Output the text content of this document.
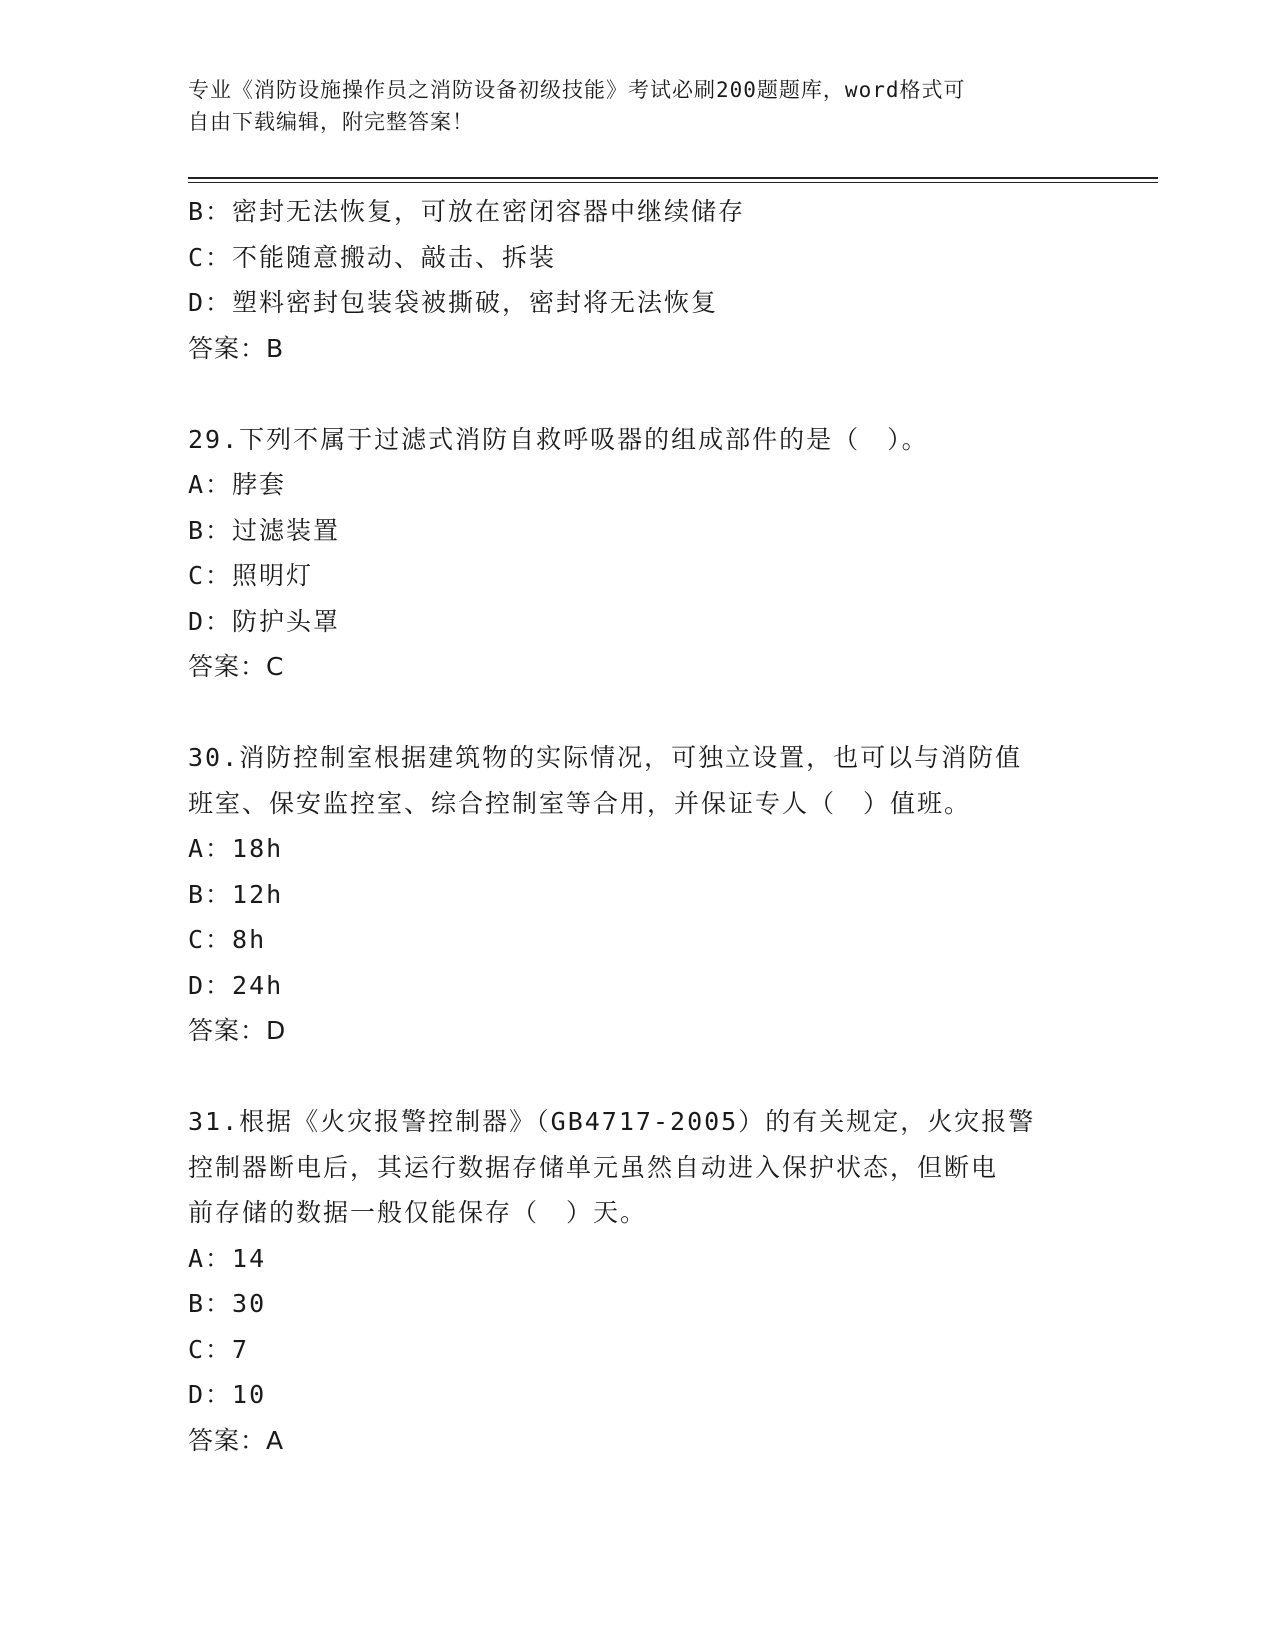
专业《消防设施操作员之消防设备初级技能》考试必刷200题题库，word格式可
自由下载编辑，附完整答案！
B：密封无法恢复，可放在密闭容器中继续储存
C：不能随意搬动、敲击、拆装
D：塑料密封包装袋被撕破，密封将无法恢复
答案：B
29.下列不属于过滤式消防自救呼吸器的组成部件的是（　）。
A：脖套
B：过滤装置
C：照明灯
D：防护头罩
答案：C
30.消防控制室根据建筑物的实际情况，可独立设置，也可以与消防值
班室、保安监控室、综合控制室等合用，并保证专人（　）值班。
A：18h
B：12h
C：8h
D：24h
答案：D
31.根据《火灾报警控制器》（GB4717-2005）的有关规定，火灾报警
控制器断电后，其运行数据存储单元虽然自动进入保护状态，但断电
前存储的数据一般仅能保存（　）天。
A：14
B：30
C：7
D：10
答案：A
